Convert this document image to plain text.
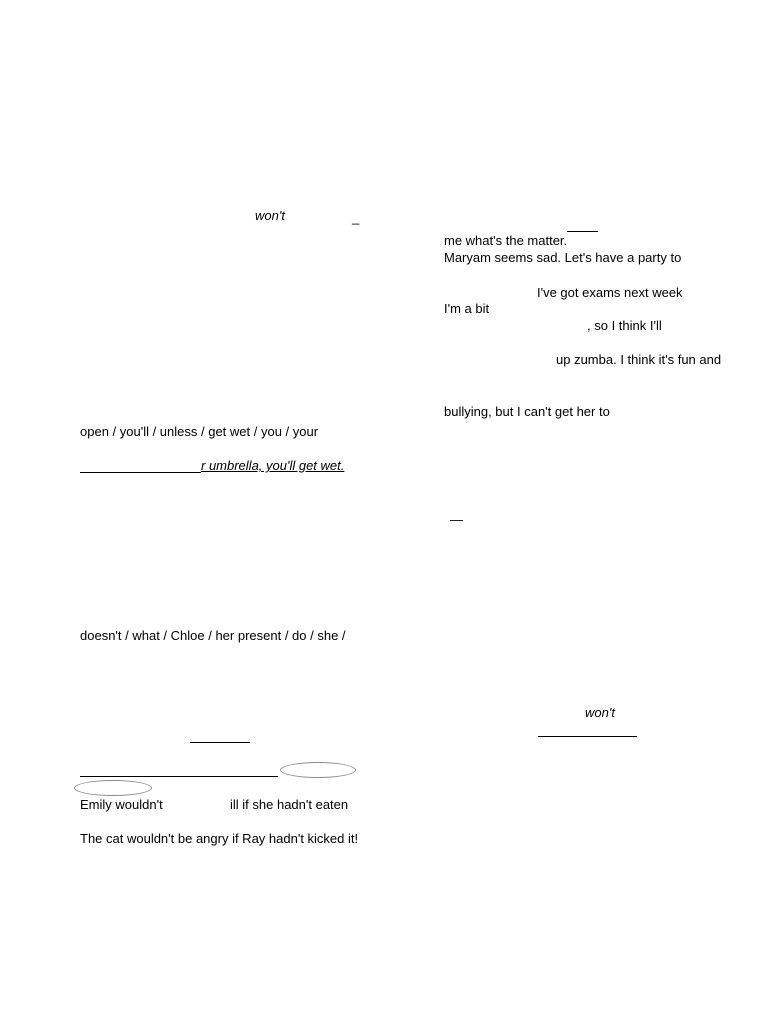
won't	_
open / you'll / unless / get wet / you / your
r umbrella, you'll get wet.
doesn't / what / Chloe / her present / do / she /
Emily wouldn't	ill if she hadn't eaten
The cat wouldn't be angry if Ray hadn't kicked it!
me what's the matter.
Maryam seems sad. Let's have a party to
I've got exams next week
I'm a bit
, so I think I'll
up zumba. I think it's fun and
bullying, but I can't get her to
—
won't
